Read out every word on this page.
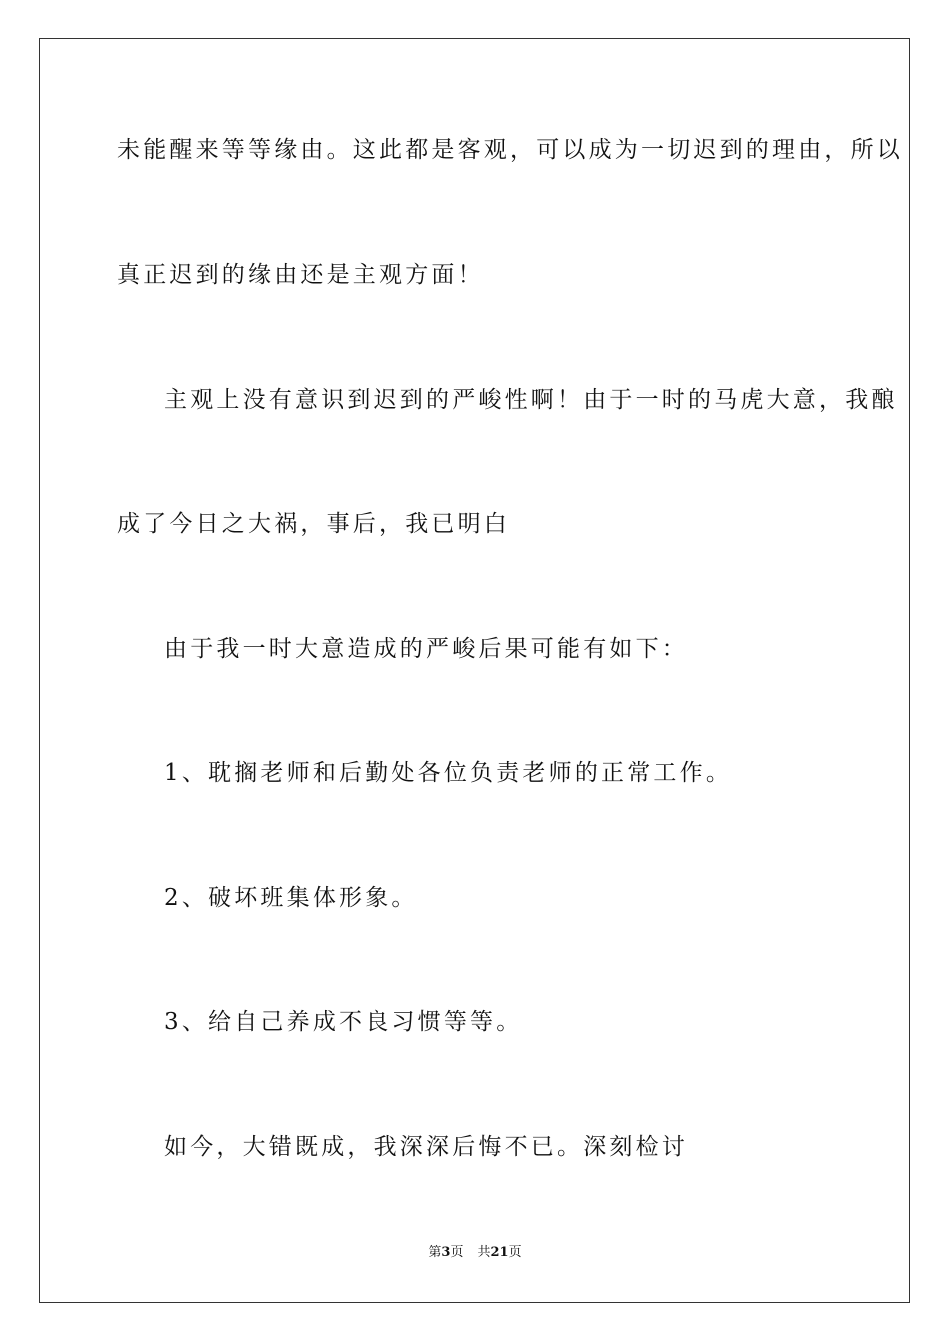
未能醒来等等缘由。这此都是客观，可以成为一切迟到的理由，所以
真正迟到的缘由还是主观方面！
主观上没有意识到迟到的严峻性啊！由于一时的马虎大意，我酿
成了今日之大祸，事后，我已明白
由于我一时大意造成的严峻后果可能有如下：
1、耽搁老师和后勤处各位负责老师的正常工作。
2、破坏班集体形象。
3、给自己养成不良习惯等等。
如今，大错既成，我深深后悔不已。深刻检讨
第3页 共21页
